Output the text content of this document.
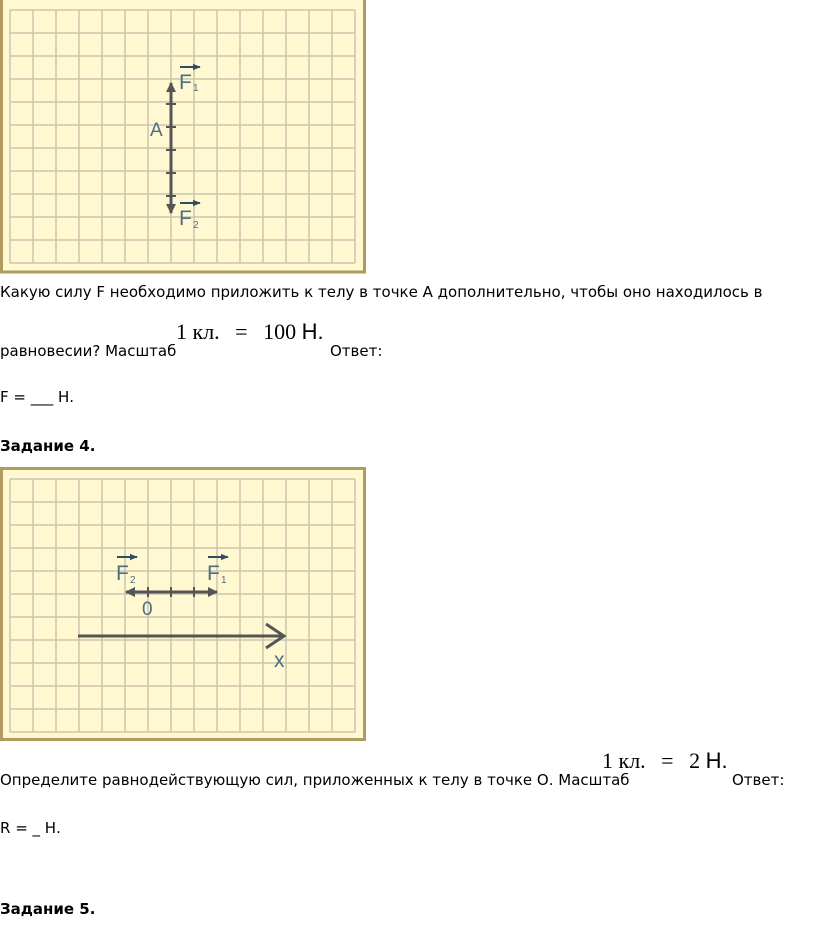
A
F 1
F 2
Какую силу F необходимо приложить к телу в точке А дополнительно, чтобы оно находилось в
равновесии? Масштаб
1 кл. = 100 Н.
Ответ:
F = ___ Н.
Задание 4.
x
0
F 2	F 1
Определите равнодействующую сил, приложенных к телу в точке О. Масштаб
1 кл. = 2 Н.
Ответ:
R = _ Н.
Задание 5.
